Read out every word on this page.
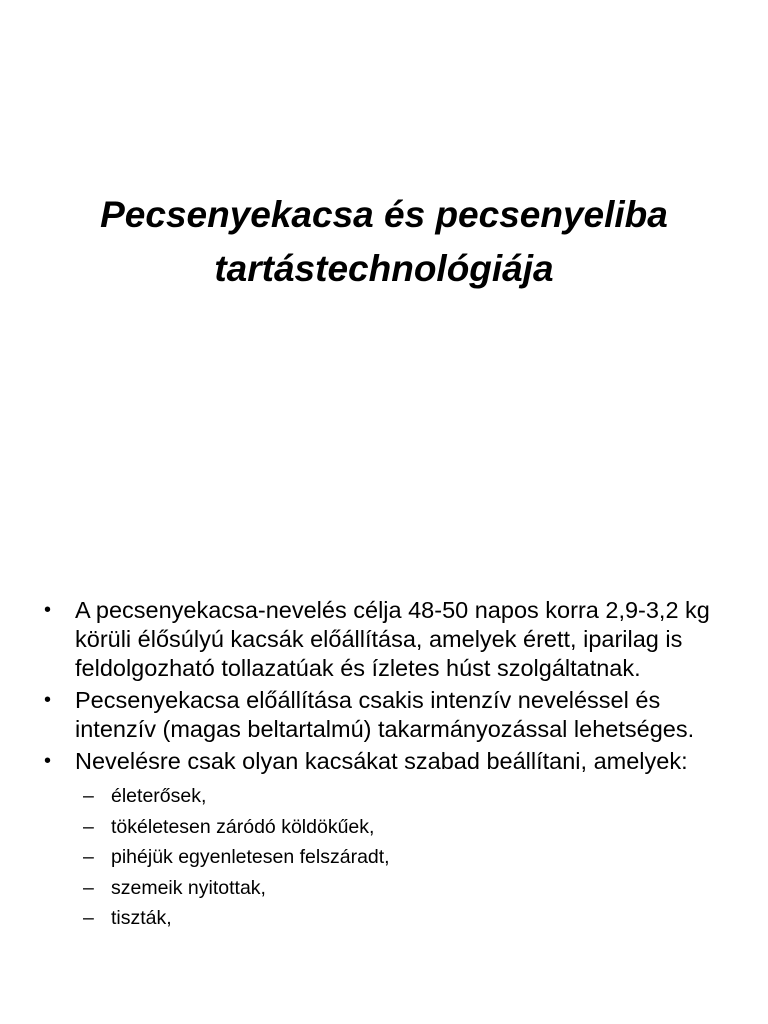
Pecsenyekacsa és pecsenyeliba
tartástechnológiája
• A pecsenyekacsa-nevelés célja 48-50 napos korra 2,9-3,2 kg körüli élősúlyú kacsák előállítása, amelyek érett, iparilag is feldolgozható tollazatúak és ízletes húst szolgáltatnak.
• Pecsenyekacsa előállítása csakis intenzív neveléssel és intenzív (magas beltartalmú) takarmányozással lehetséges.
• Nevelésre csak olyan kacsákat szabad beállítani, amelyek:
– életerősek,
– tökéletesen záródó köldökűek,
– pihéjük egyenletesen felszáradt,
– szemeik nyitottak,
– tiszták,
